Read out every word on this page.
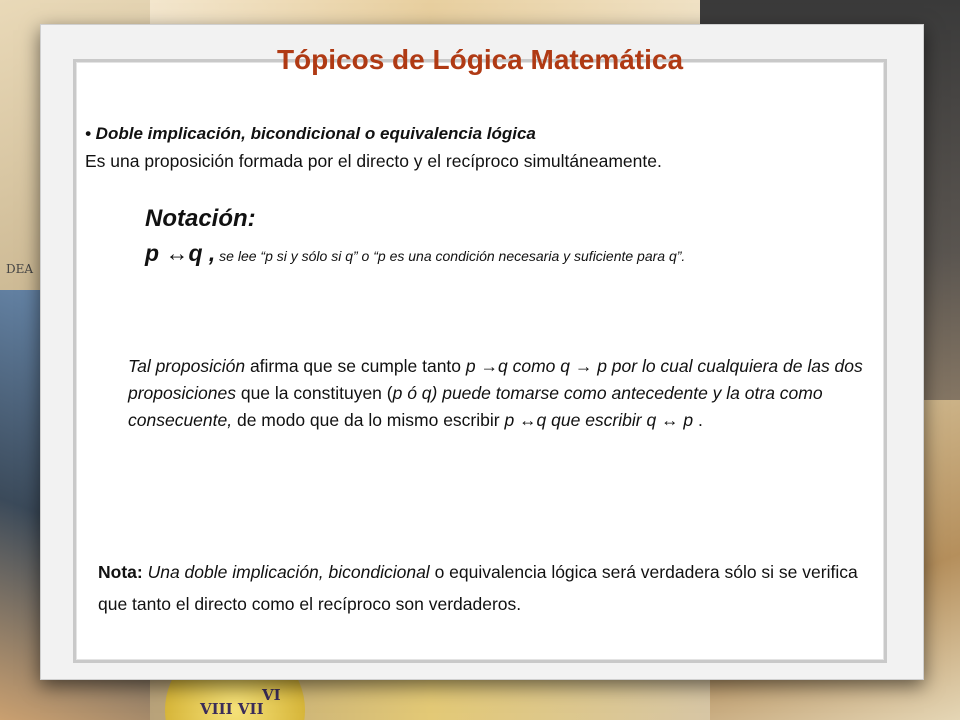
VI
VIII VII
DEA
Tópicos de Lógica Matemática
• Doble implicación, bicondicional o equivalencia lógica
Es una proposición formada por el directo y el recíproco simultáneamente.
Notación:
p ↔q , se lee “p si y sólo si q” o “p es una condición necesaria y suficiente para q”.
Tal proposición afirma que se cumple tanto p →q como q → p por lo cual cualquiera de las dos proposiciones que la constituyen (p ó q) puede tomarse como antecedente y la otra como consecuente, de modo que da lo mismo escribir p ↔q que escribir q ↔ p .
Nota: Una doble implicación, bicondicional o equivalencia lógica será verdadera sólo si se verifica que tanto el directo como el recíproco son verdaderos.
